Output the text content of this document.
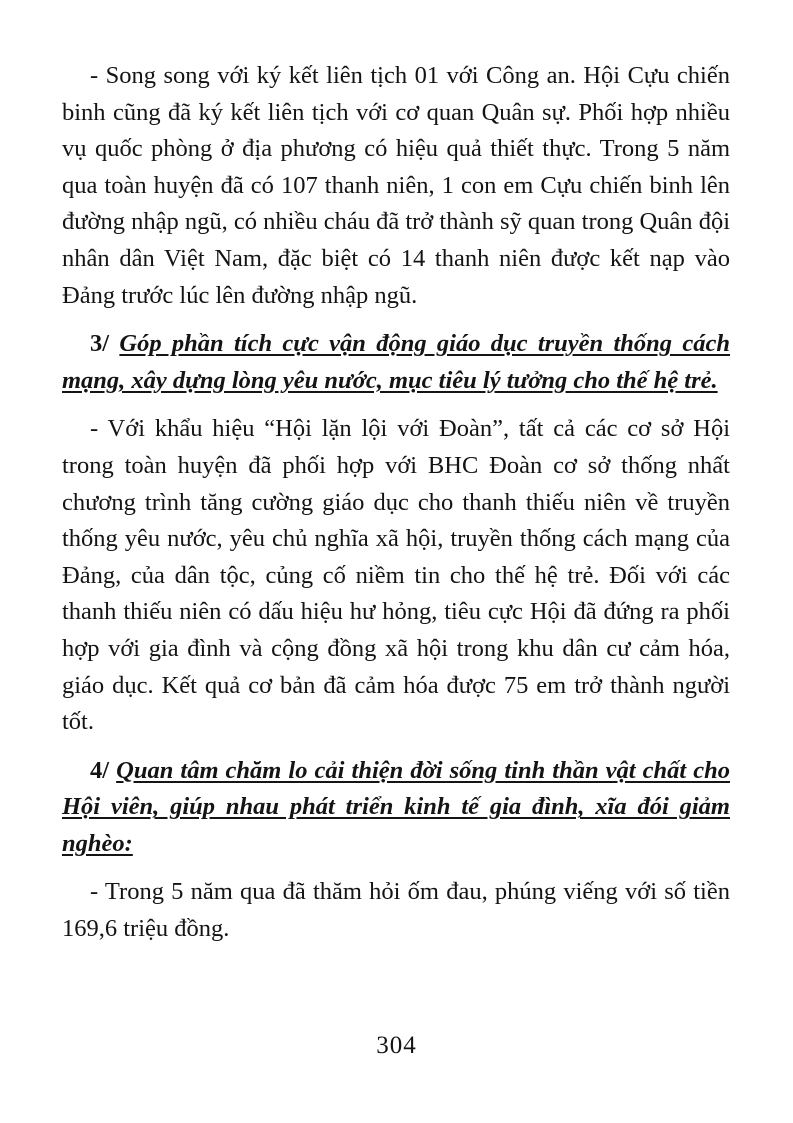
- Song song với ký kết liên tịch 01 với Công an. Hội Cựu chiến binh cũng đã ký kết liên tịch với cơ quan Quân sự. Phối hợp nhiều vụ quốc phòng ở địa phương có hiệu quả thiết thực. Trong 5 năm qua toàn huyện đã có 107 thanh niên, 1 con em Cựu chiến binh lên đường nhập ngũ, có nhiều cháu đã trở thành sỹ quan trong Quân đội nhân dân Việt Nam, đặc biệt có 14 thanh niên được kết nạp vào Đảng trước lúc lên đường nhập ngũ.

3/ Góp phần tích cực vận động giáo dục truyền thống cách mạng, xây dựng lòng yêu nước, mục tiêu lý tưởng cho thế hệ trẻ.

- Với khẩu hiệu “Hội lặn lội với Đoàn”, tất cả các cơ sở Hội trong toàn huyện đã phối hợp với BHC Đoàn cơ sở thống nhất chương trình tăng cường giáo dục cho thanh thiếu niên về truyền thống yêu nước, yêu chủ nghĩa xã hội, truyền thống cách mạng của Đảng, của dân tộc, củng cố niềm tin cho thế hệ trẻ. Đối với các thanh thiếu niên có dấu hiệu hư hỏng, tiêu cực Hội đã đứng ra phối hợp với gia đình và cộng đồng xã hội trong khu dân cư cảm hóa, giáo dục. Kết quả cơ bản đã cảm hóa được 75 em trở thành người tốt.

4/ Quan tâm chăm lo cải thiện đời sống tinh thần vật chất cho Hội viên, giúp nhau phát triển kinh tế gia đình, xĩa đói giảm nghèo:

- Trong 5 năm qua đã thăm hỏi ốm đau, phúng viếng với số tiền 169,6 triệu đồng.

304
